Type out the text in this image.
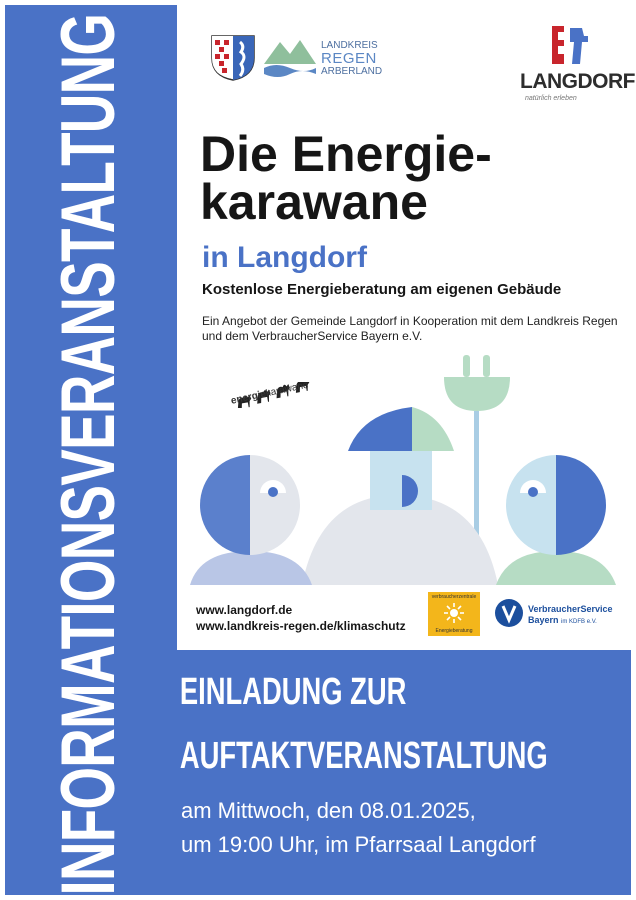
INFORMATIONSVERANSTALTUNG	LANDKREIS
REGEN
ARBERLAND	LANGDORF
natürlich erleben
Die Energie-
karawane
in Langdorf
Kostenlose Energieberatung am eigenen Gebäude
Ein Angebot der Gemeinde Langdorf in Kooperation mit dem Landkreis Regen und dem VerbraucherService Bayern e.V.
energiekarawane
www.langdorf.de
www.landkreis-regen.de/klimaschutz
verbraucherzentrale
Energieberatung
VerbraucherService
Bayern im KDFB e.V.
EINLADUNG ZUR
AUFTAKTVERANSTALTUNG
am Mittwoch, den 08.01.2025,
um 19:00 Uhr, im Pfarrsaal Langdorf
